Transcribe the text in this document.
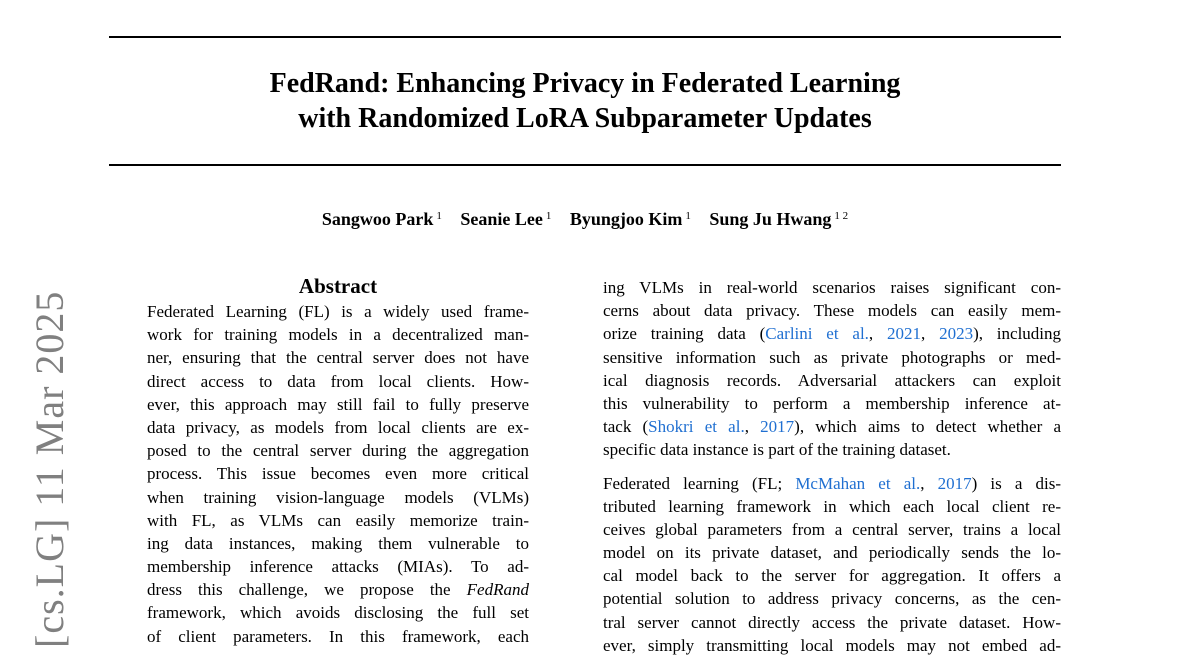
FedRand: Enhancing Privacy in Federated Learning
with Randomized LoRA Subparameter Updates
Sangwoo Park $^1$ Seanie Lee $^1$ Byungjoo Kim $^1$ Sung Ju Hwang $^{1 2}$
Abstract
Federated Learning (FL) is a widely used frame-
work for training models in a decentralized man-
ner, ensuring that the central server does not have
direct access to data from local clients. How-
ever, this approach may still fail to fully preserve
data privacy, as models from local clients are ex-
posed to the central server during the aggregation
process. This issue becomes even more critical
when training vision-language models (VLMs)
with FL, as VLMs can easily memorize train-
ing data instances, making them vulnerable to
membership inference attacks (MIAs). To ad-
dress this challenge, we propose the FedRand
framework, which avoids disclosing the full set
of client parameters. In this framework, each
ing VLMs in real-world scenarios raises significant con-
cerns about data privacy. These models can easily mem-
orize training data (Carlini et al., 2021, 2023), including
sensitive information such as private photographs or med-
ical diagnosis records. Adversarial attackers can exploit
this vulnerability to perform a membership inference at-
tack (Shokri et al., 2017), which aims to detect whether a
specific data instance is part of the training dataset.
Federated learning (FL; McMahan et al., 2017) is a dis-
tributed learning framework in which each local client re-
ceives global parameters from a central server, trains a local
model on its private dataset, and periodically sends the lo-
cal model back to the server for aggregation. It offers a
potential solution to address privacy concerns, as the cen-
tral server cannot directly access the private dataset. How-
ever, simply transmitting local models may not embed ad-
[cs.LG] 11 Mar 2025
